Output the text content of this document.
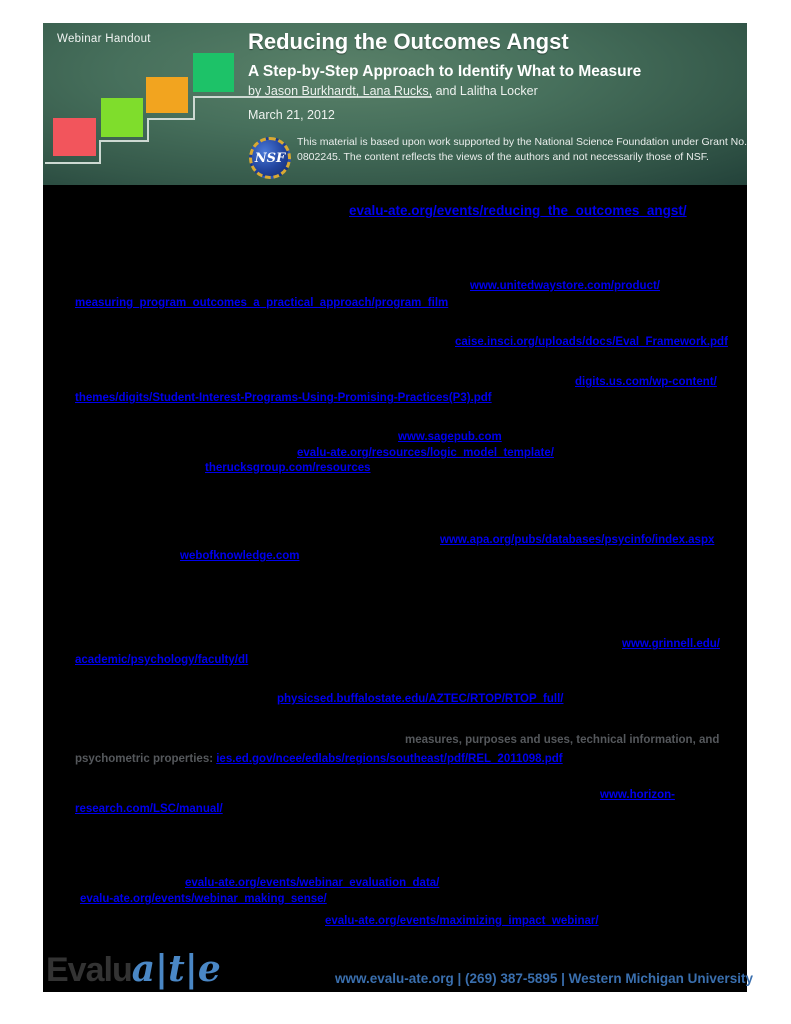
Webinar Handout	Reducing the Outcomes Angst
A Step-by-Step Approach to Identify What to Measure
by Jason Burkhardt, Lana Rucks, and Lalitha Locker
March 21, 2012
NSF
This material is based upon work supported by the National Science Foundation under Grant No. 0802245. The content reflects the views of the authors and not necessarily those of NSF.
evalu-ate.org/events/reducing_the_outcomes_angst/
www.unitedwaystore.com/product/
measuring_program_outcomes_a_practical_approach/program_film
caise.insci.org/uploads/docs/Eval_Framework.pdf
digits.us.com/wp-content/
themes/digits/Student-Interest-Programs-Using-Promising-Practices(P3).pdf
www.sagepub.com
evalu-ate.org/resources/logic_model_template/
therucksgroup.com/resources
www.apa.org/pubs/databases/psycinfo/index.aspx
webofknowledge.com
www.grinnell.edu/
academic/psychology/faculty/dl
physicsed.buffalostate.edu/AZTEC/RTOP/RTOP_full/
measures, purposes and uses, technical information, and
psychometric properties: ies.ed.gov/ncee/edlabs/regions/southeast/pdf/REL_2011098.pdf
www.horizon-
research.com/LSC/manual/
evalu-ate.org/events/webinar_evaluation_data/
evalu-ate.org/events/webinar_making_sense/
evalu-ate.org/events/maximizing_impact_webinar/
Evalua|t|e	www.evalu-ate.org | (269) 387-5895 | Western Michigan University
